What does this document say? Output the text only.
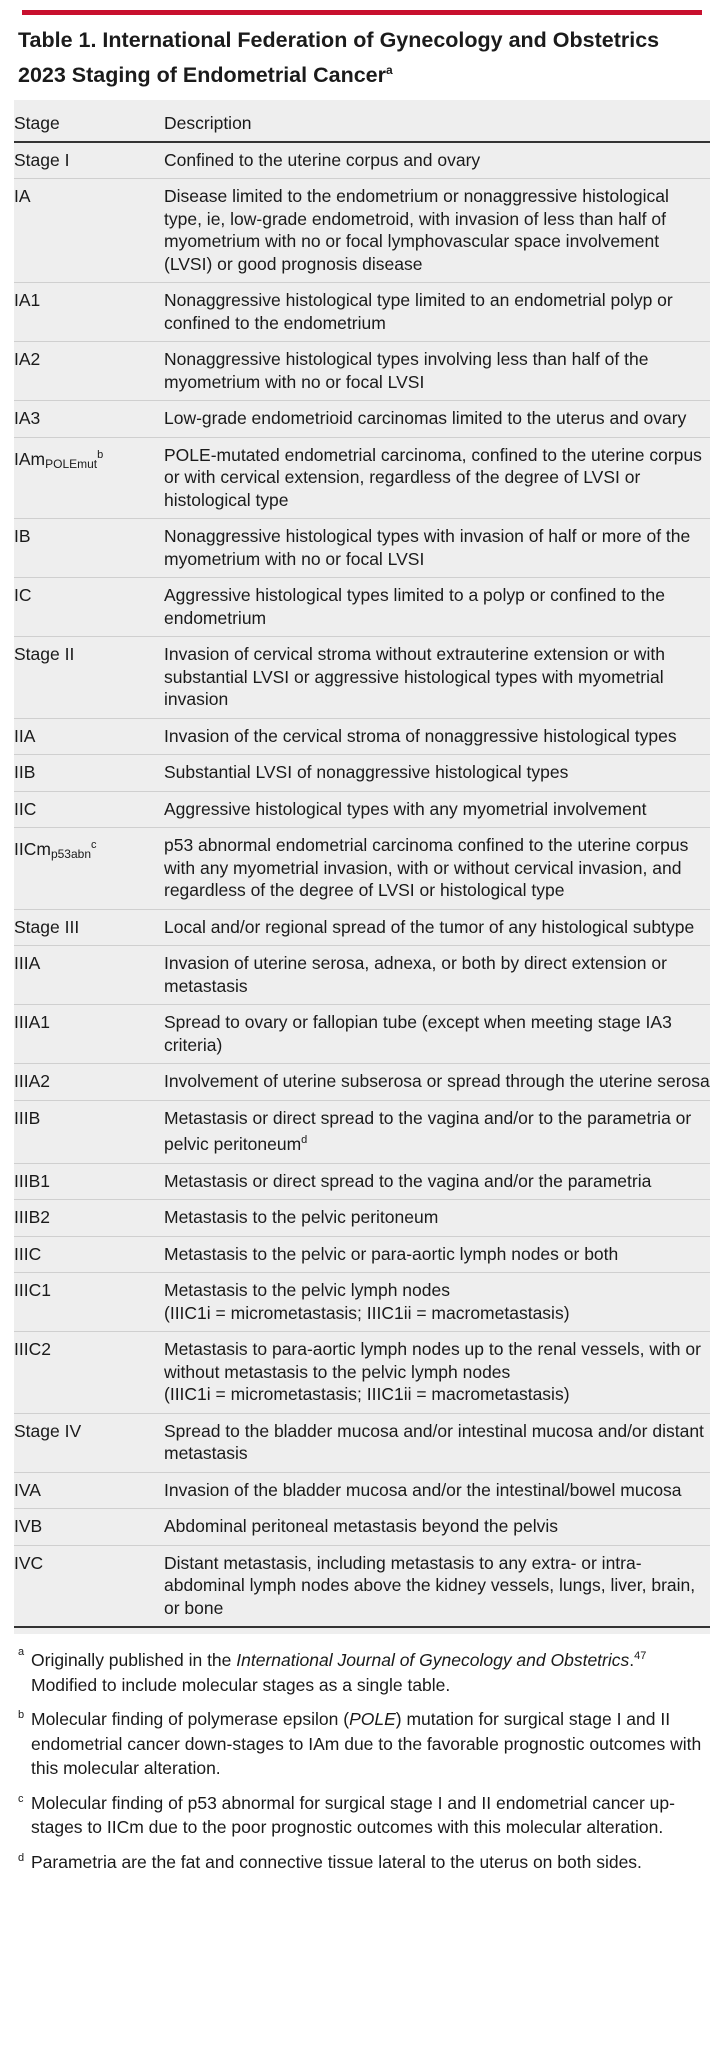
Table 1. International Federation of Gynecology and Obstetrics 2023 Staging of Endometrial Cancer$^a$
Stage	Description
Stage I	Confined to the uterine corpus and ovary
IA	Disease limited to the endometrium or nonaggressive histological type, ie, low-grade endometroid, with invasion of less than half of myometrium with no or focal lymphovascular space involvement (LVSI) or good prognosis disease
IA1	Nonaggressive histological type limited to an endometrial polyp or confined to the endometrium
IA2	Nonaggressive histological types involving less than half of the myometrium with no or focal LVSI
IA3	Low-grade endometrioid carcinomas limited to the uterus and ovary
IAm$_{POLEmut}^b$	POLE-mutated endometrial carcinoma, confined to the uterine corpus or with cervical extension, regardless of the degree of LVSI or histological type
IB	Nonaggressive histological types with invasion of half or more of the myometrium with no or focal LVSI
IC	Aggressive histological types limited to a polyp or confined to the endometrium
Stage II	Invasion of cervical stroma without extrauterine extension or with substantial LVSI or aggressive histological types with myometrial invasion
IIA	Invasion of the cervical stroma of nonaggressive histological types
IIB	Substantial LVSI of nonaggressive histological types
IIC	Aggressive histological types with any myometrial involvement
IICm$_{p53abn}^c$	p53 abnormal endometrial carcinoma confined to the uterine corpus with any myometrial invasion, with or without cervical invasion, and regardless of the degree of LVSI or histological type
Stage III	Local and/or regional spread of the tumor of any histological subtype
IIIA	Invasion of uterine serosa, adnexa, or both by direct extension or metastasis
IIIA1	Spread to ovary or fallopian tube (except when meeting stage IA3 criteria)
IIIA2	Involvement of uterine subserosa or spread through the uterine serosa
IIIB	Metastasis or direct spread to the vagina and/or to the parametria or pelvic peritoneum$^d$
IIIB1	Metastasis or direct spread to the vagina and/or the parametria
IIIB2	Metastasis to the pelvic peritoneum
IIIC	Metastasis to the pelvic or para-aortic lymph nodes or both
IIIC1	Metastasis to the pelvic lymph nodes
(IIIC1i = micrometastasis; IIIC1ii = macrometastasis)
IIIC2	Metastasis to para-aortic lymph nodes up to the renal vessels, with or without metastasis to the pelvic lymph nodes
(IIIC1i = micrometastasis; IIIC1ii = macrometastasis)
Stage IV	Spread to the bladder mucosa and/or intestinal mucosa and/or distant metastasis
IVA	Invasion of the bladder mucosa and/or the intestinal/bowel mucosa
IVB	Abdominal peritoneal metastasis beyond the pelvis
IVC	Distant metastasis, including metastasis to any extra- or intra-abdominal lymph nodes above the kidney vessels, lungs, liver, brain, or bone

a Originally published in the International Journal of Gynecology and Obstetrics.$^{47}$ Modified to include molecular stages as a single table.

b Molecular finding of polymerase epsilon (POLE) mutation for surgical stage I and II endometrial cancer down-stages to IAm due to the favorable prognostic outcomes with this molecular alteration.

c Molecular finding of p53 abnormal for surgical stage I and II endometrial cancer up-stages to IICm due to the poor prognostic outcomes with this molecular alteration.

d Parametria are the fat and connective tissue lateral to the uterus on both sides.
